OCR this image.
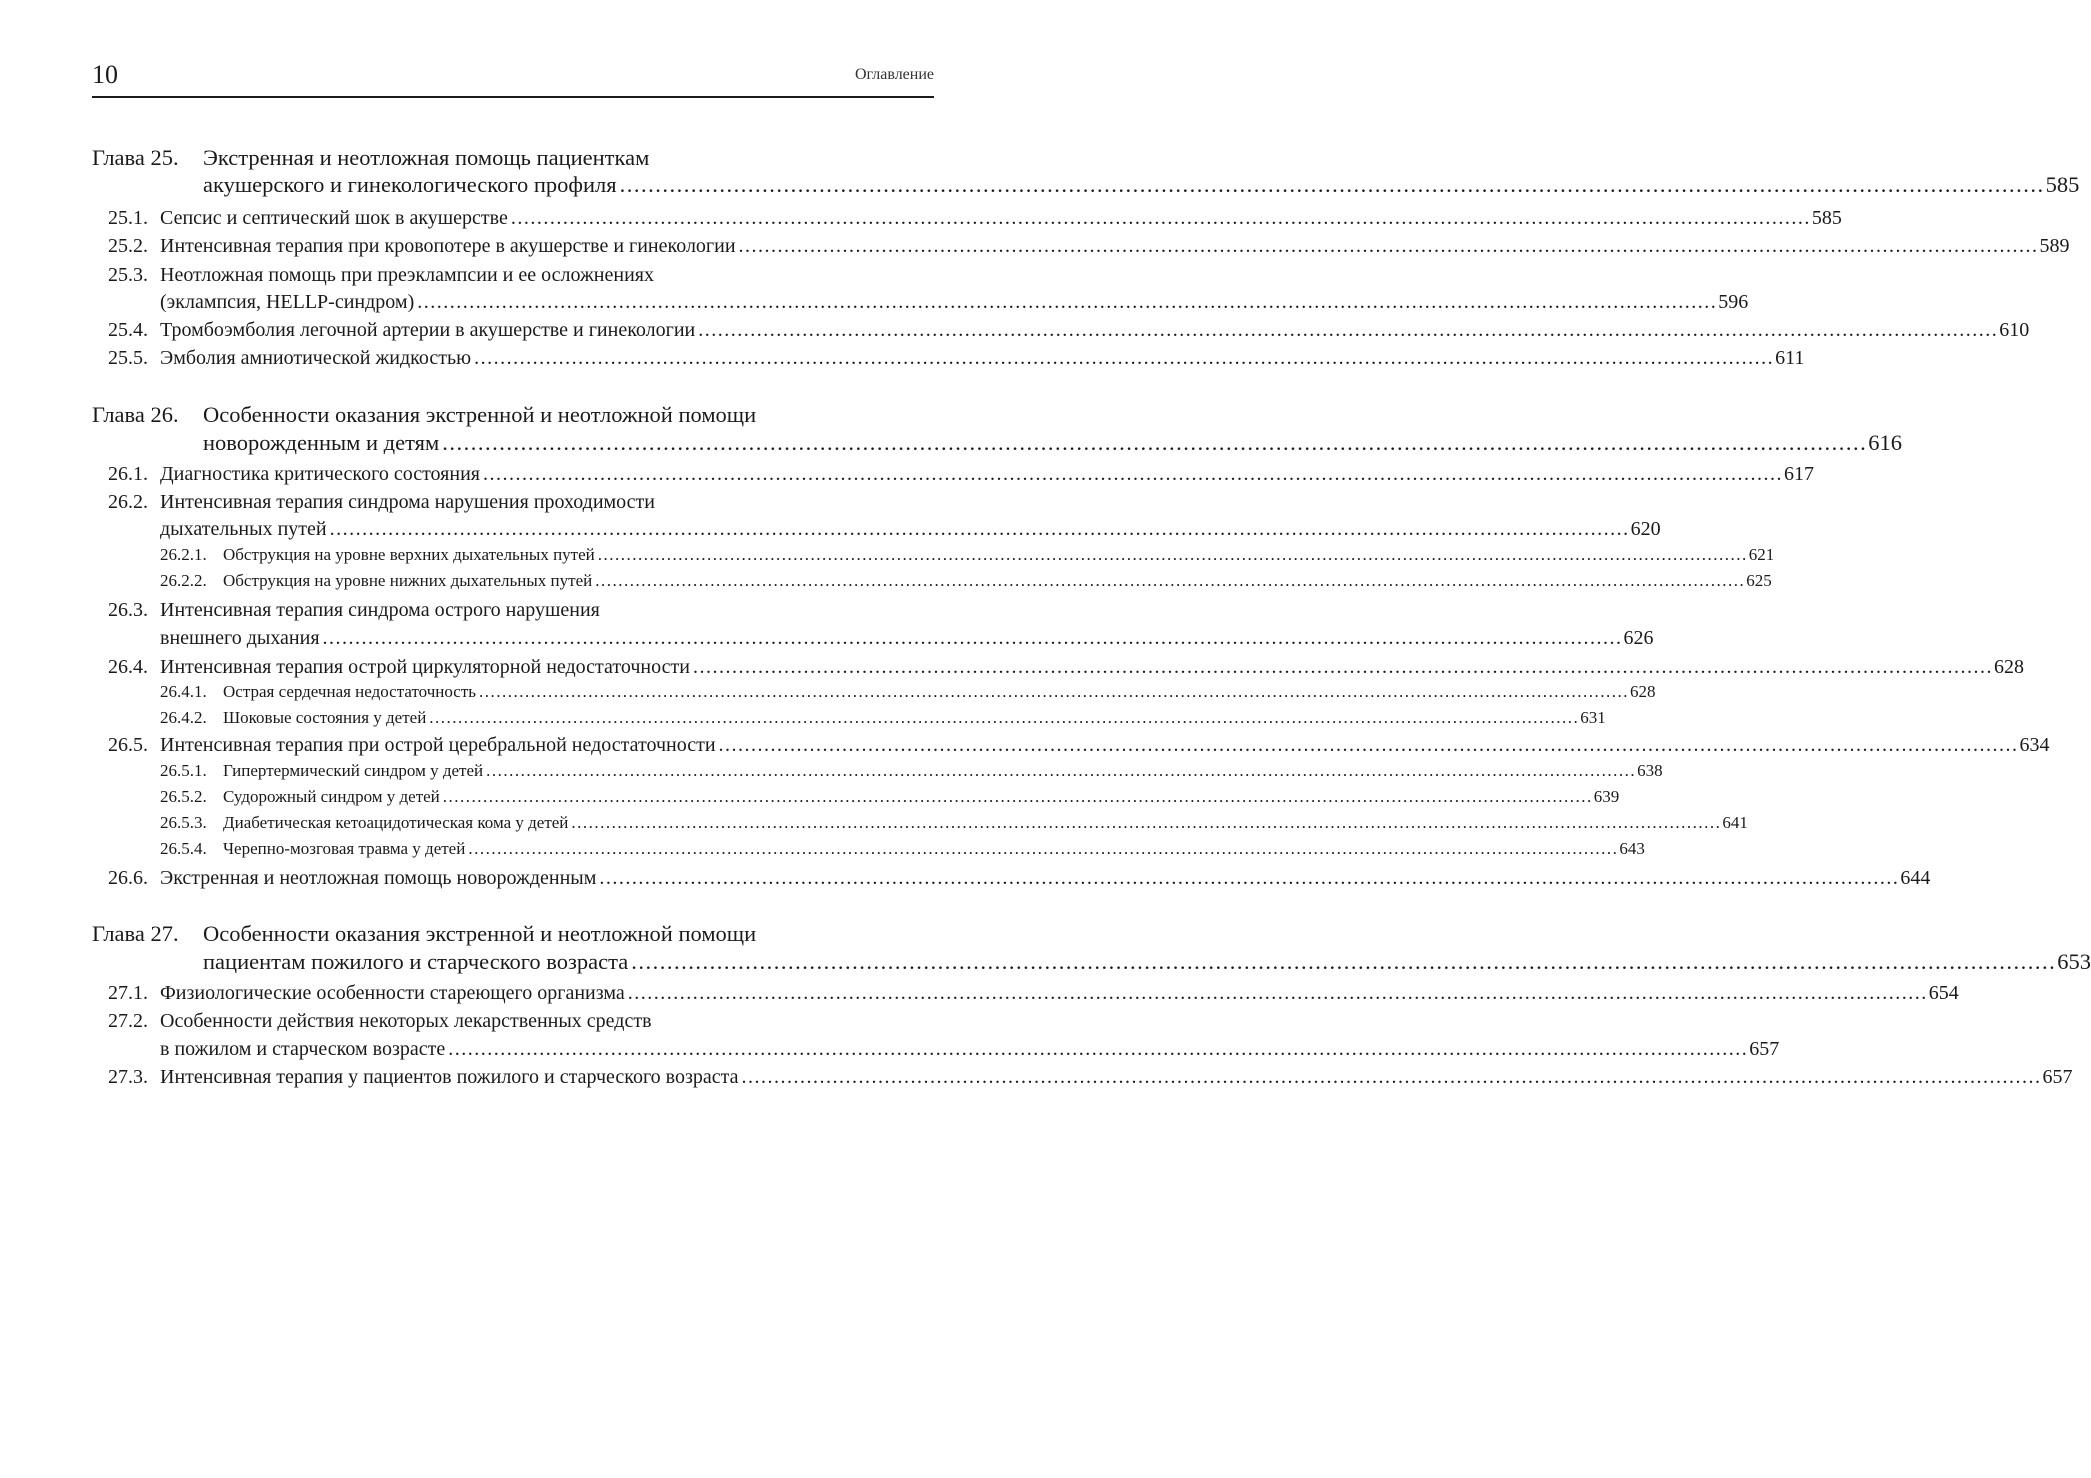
10	Оглавление
Глава 25. Экстренная и неотложная помощь пациенткам
акушерского и гинекологического профиля ........................................................................................................................................................................................................ 585
25.1. Сепсис и септический шок в акушерстве ........................................................................................................................................................................................................ 585
25.2. Интенсивная терапия при кровопотере в акушерстве и гинекологии ........................................................................................................................................................................................................ 589
25.3. Неотложная помощь при преэклампсии и ее осложнениях
(эклампсия, HELLP-синдром) ........................................................................................................................................................................................................ 596
25.4. Тромбоэмболия легочной артерии в акушерстве и гинекологии ........................................................................................................................................................................................................ 610
25.5. Эмболия амниотической жидкостью ........................................................................................................................................................................................................ 611
Глава 26. Особенности оказания экстренной и неотложной помощи
новорожденным и детям ........................................................................................................................................................................................................ 616
26.1. Диагностика критического состояния ........................................................................................................................................................................................................ 617
26.2. Интенсивная терапия синдрома нарушения проходимости
дыхательных путей ........................................................................................................................................................................................................ 620
26.2.1. Обструкция на уровне верхних дыхательных путей ........................................................................................................................................................................................................ 621
26.2.2. Обструкция на уровне нижних дыхательных путей ........................................................................................................................................................................................................ 625
26.3. Интенсивная терапия синдрома острого нарушения
внешнего дыхания ........................................................................................................................................................................................................ 626
26.4. Интенсивная терапия острой циркуляторной недостаточности ........................................................................................................................................................................................................ 628
26.4.1. Острая сердечная недостаточность ........................................................................................................................................................................................................ 628
26.4.2. Шоковые состояния у детей ........................................................................................................................................................................................................ 631
26.5. Интенсивная терапия при острой церебральной недостаточности ........................................................................................................................................................................................................ 634
26.5.1. Гипертермический синдром у детей ........................................................................................................................................................................................................ 638
26.5.2. Судорожный синдром у детей ........................................................................................................................................................................................................ 639
26.5.3. Диабетическая кетоацидотическая кома у детей ........................................................................................................................................................................................................ 641
26.5.4. Черепно-мозговая травма у детей ........................................................................................................................................................................................................ 643
26.6. Экстренная и неотложная помощь новорожденным ........................................................................................................................................................................................................ 644
Глава 27. Особенности оказания экстренной и неотложной помощи
пациентам пожилого и старческого возраста ........................................................................................................................................................................................................ 653
27.1. Физиологические особенности стареющего организма ........................................................................................................................................................................................................ 654
27.2. Особенности действия некоторых лекарственных средств
в пожилом и старческом возрасте ........................................................................................................................................................................................................ 657
27.3. Интенсивная терапия у пациентов пожилого и старческого возраста ........................................................................................................................................................................................................ 657
